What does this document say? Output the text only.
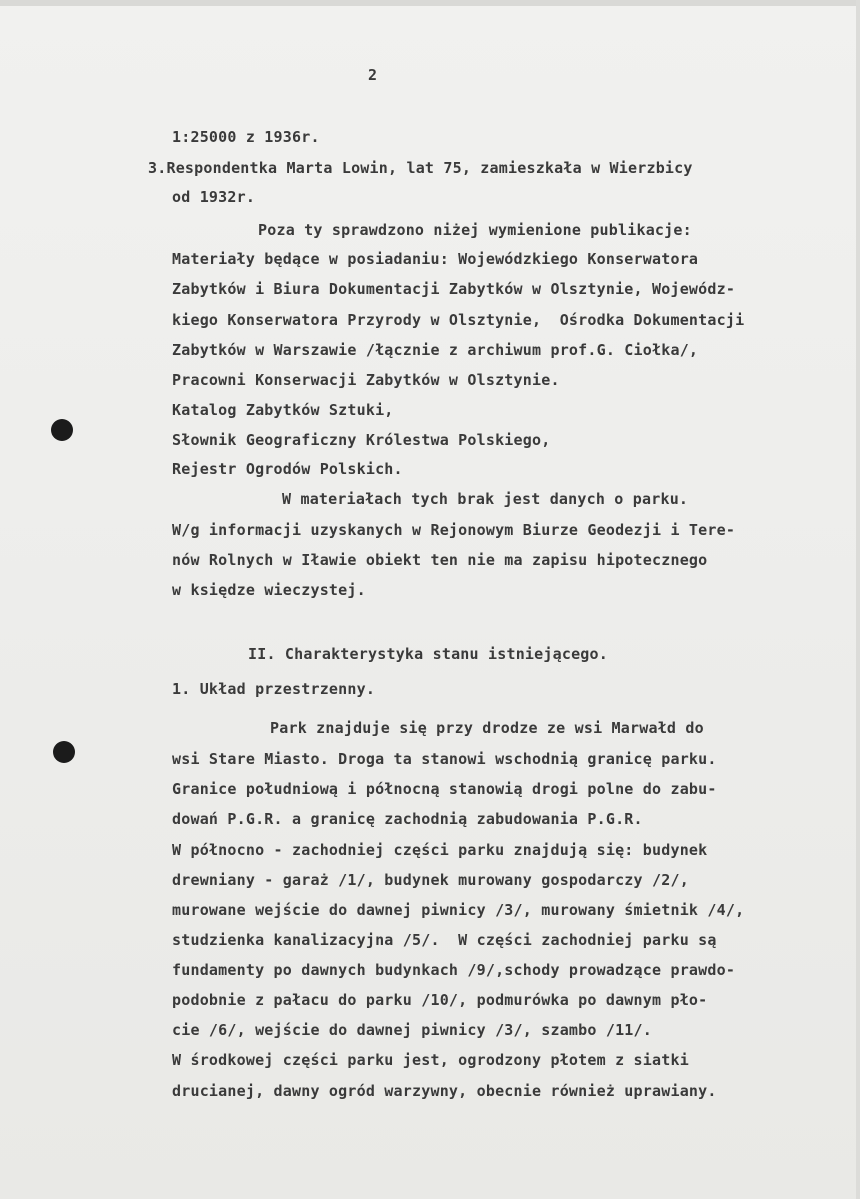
2
1:25000 z 1936r.
3.Respondentka Marta Lowin, lat 75, zamieszkała w Wierzbicy
od 1932r.
Poza ty sprawdzono niżej wymienione publikacje:
Materiały będące w posiadaniu: Wojewódzkiego Konserwatora
Zabytków i Biura Dokumentacji Zabytków w Olsztynie, Wojewódz-
kiego Konserwatora Przyrody w Olsztynie,  Ośrodka Dokumentacji
Zabytków w Warszawie /łącznie z archiwum prof.G. Ciołka/,
Pracowni Konserwacji Zabytków w Olsztynie.
Katalog Zabytków Sztuki,
Słownik Geograficzny Królestwa Polskiego,
Rejestr Ogrodów Polskich.
W materiałach tych brak jest danych o parku.
W/g informacji uzyskanych w Rejonowym Biurze Geodezji i Tere-
nów Rolnych w Iławie obiekt ten nie ma zapisu hipotecznego
w księdze wieczystej.
II. Charakterystyka stanu istniejącego.
1. Układ przestrzenny.
Park znajduje się przy drodze ze wsi Marwałd do
wsi Stare Miasto. Droga ta stanowi wschodnią granicę parku.
Granice południową i północną stanowią drogi polne do zabu-
dowań P.G.R. a granicę zachodnią zabudowania P.G.R.
W północno - zachodniej części parku znajdują się: budynek
drewniany - garaż /1/, budynek murowany gospodarczy /2/,
murowane wejście do dawnej piwnicy /3/, murowany śmietnik /4/,
studzienka kanalizacyjna /5/.  W części zachodniej parku są
fundamenty po dawnych budynkach /9/,schody prowadzące prawdo-
podobnie z pałacu do parku /10/, podmurówka po dawnym pło-
cie /6/, wejście do dawnej piwnicy /3/, szambo /11/.
W środkowej części parku jest, ogrodzony płotem z siatki
drucianej, dawny ogród warzywny, obecnie również uprawiany.
